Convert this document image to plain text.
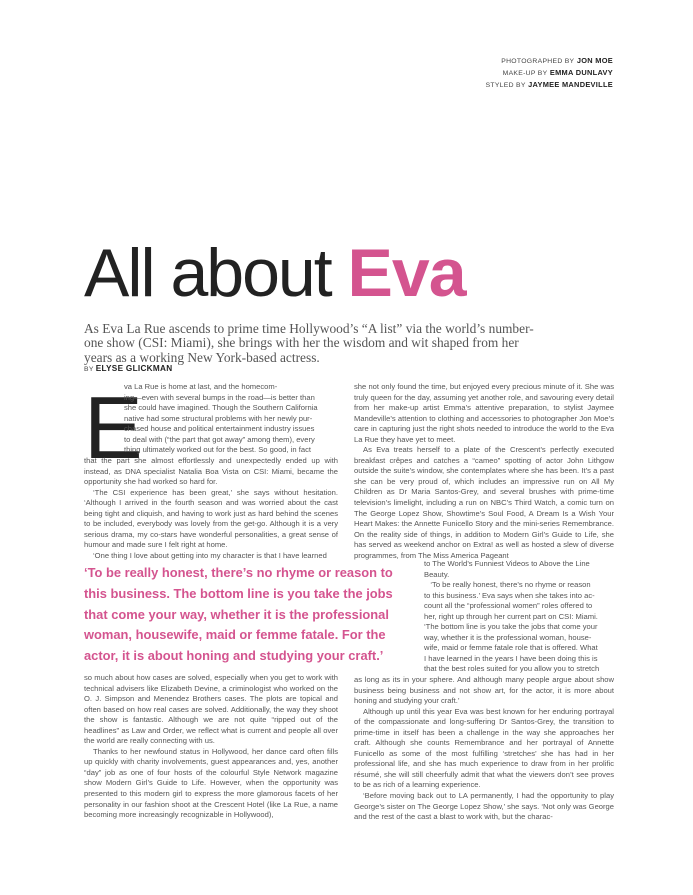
PHOTOGRAPHED BY JON MOE
MAKE-UP BY EMMA DUNLAVY
STYLED BY JAYMEE MANDEVILLE
All about Eva
As Eva La Rue ascends to prime time Hollywood’s “A list” via the world’s number-one show (CSI: Miami), she brings with her the wisdom and wit shaped from her years as a working New York-based actress.
BY ELYSE GLICKMAN
E
va La Rue is home at last, and the homecom-
ing—even with several bumps in the road—is better than
she could have imagined. Though the Southern California
native had some structural problems with her newly pur-
chased house and political entertainment industry issues
to deal with (“the part that got away” among them), every
thing ultimately worked out for the best. So good, in fact

that the part she almost effortlessly and unexpectedly ended up with instead, as DNA specialist Natalia Boa Vista on CSI: Miami, became the opportunity she had worked so hard for.

‘The CSI experience has been great,’ she says without hesitation. ‘Although I arrived in the fourth season and was worried about the cast being tight and cliquish, and having to work just as hard behind the scenes to be included, everybody was lovely from the get-go. Although it is a very serious drama, my co-stars have wonderful personalities, a great sense of humour and made sure I felt right at home.

‘One thing I love about getting into my character is that I have learned

‘To be really honest, there’s no rhyme or reason to this business. The bottom line is you take the jobs that come your way, whether it is the professional woman, housewife, maid or femme fatale. For the actor, it is about honing and studying your craft.’

so much about how cases are solved, especially when you get to work with technical advisers like Elizabeth Devine, a criminologist who worked on the O. J. Simpson and Menendez Brothers cases. The plots are topical and often based on how real cases are solved. Additionally, the way they shoot the show is fantastic. Although we are not quite “ripped out of the headlines” as Law and Order, we reflect what is current and people all over the world are really connecting with us.

Thanks to her newfound status in Hollywood, her dance card often fills up quickly with charity involvements, guest appearances and, yes, another “day” job as one of four hosts of the colourful Style Network magazine show Modern Girl’s Guide to Life. However, when the opportunity was presented to this modern girl to express the more glamorous facets of her personality in our fashion shoot at the Crescent Hotel (like La Rue, a name becoming more increasingly recognizable in Hollywood),

she not only found the time, but enjoyed every precious minute of it. She was truly queen for the day, assuming yet another role, and savouring every detail from her make-up artist Emma’s attentive preparation, to stylist Jaymee Mandeville’s attention to clothing and accessories to photographer Jon Moe’s care in capturing just the right shots needed to introduce the world to the Eva La Rue they have yet to meet.

As Eva treats herself to a plate of the Crescent’s perfectly executed breakfast crêpes and catches a “cameo” spotting of actor John Lithgow outside the suite’s window, she contemplates where she has been. It’s a past she can be very proud of, which includes an impressive run on All My Children as Dr Maria Santos-Grey, and several brushes with prime-time television’s limelight, including a run on NBC’s Third Watch, a comic turn on The George Lopez Show, Showtime’s Soul Food, A Dream Is a Wish Your Heart Makes: the Annette Funicello Story and the mini-series Remembrance. On the reality side of things, in addition to Modern Girl’s Guide to Life, she has served as weekend anchor on Extra! as well as hosted a slew of diverse programmes, from The Miss America Pageant

to The World’s Funniest Videos to Above the Line
Beauty.
‘To be really honest, there’s no rhyme or reason
to this business.’ Eva says when she takes into ac-
count all the “professional women” roles offered to
her, right up through her current part on CSI: Miami.
‘The bottom line is you take the jobs that come your
way, whether it is the professional woman, house-
wife, maid or femme fatale role that is offered. What
I have learned in the years I have been doing this is
that the best roles suited for you allow you to stretch

as long as its in your sphere. And although many people argue about show business being business and not show art, for the actor, it is more about honing and studying your craft.’

Although up until this year Eva was best known for her enduring portrayal of the compassionate and long-suffering Dr Santos-Grey, the transition to prime-time in itself has been a challenge in the way she approaches her craft. Although she counts Remembrance and her portrayal of Annette Funicello as some of the most fulfilling ‘stretches’ she has had in her professional life, and she has much experience to draw from in her prolific résumé, she will still cheerfully admit that what the viewers don’t see proves to be as rich of a learning experience.

‘Before moving back out to LA permanently, I had the opportunity to play George’s sister on The George Lopez Show,’ she says. ‘Not only was George and the rest of the cast a blast to work with, but the charac-
